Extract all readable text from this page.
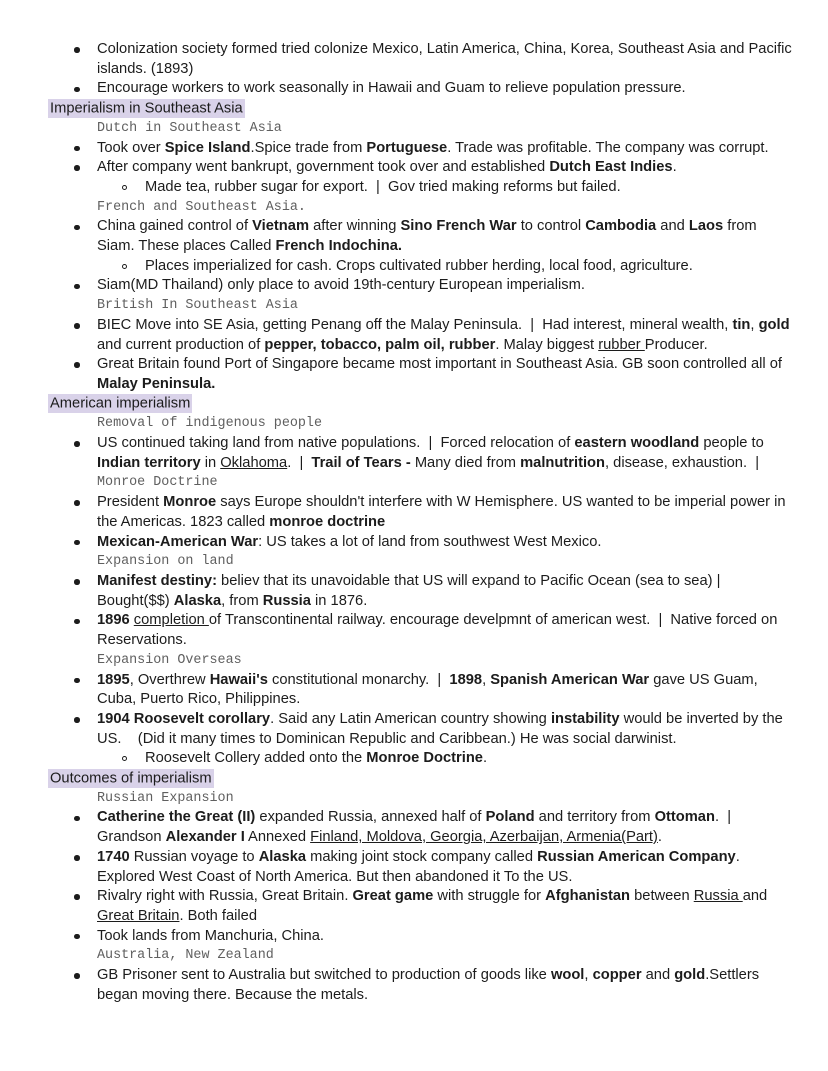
Colonization society formed tried colonize Mexico, Latin America, China, Korea, Southeast Asia and Pacific islands. (1893)
Encourage workers to work seasonally in Hawaii and Guam to relieve population pressure.
Imperialism in Southeast Asia
Dutch in Southeast Asia
Took over Spice Island.Spice trade from Portuguese. Trade was profitable. The company was corrupt.
After company went bankrupt, government took over and established Dutch East Indies.
Made tea, rubber sugar for export.  |  Gov tried making reforms but failed.
French and Southeast Asia.
China gained control of Vietnam after winning Sino French War to control Cambodia and Laos from Siam. These places Called French Indochina.
Places imperialized for cash. Crops cultivated rubber herding, local food, agriculture.
Siam(MD Thailand) only place to avoid 19th-century European imperialism.
British In Southeast Asia
BIEC Move into SE Asia, getting Penang off the Malay Peninsula.  |  Had interest, mineral wealth, tin, gold and current production of pepper, tobacco, palm oil, rubber. Malay biggest rubber Producer.
Great Britain found Port of Singapore became most important in Southeast Asia. GB soon controlled all of Malay Peninsula.
American imperialism
Removal of indigenous people
US continued taking land from native populations.  |  Forced relocation of eastern woodland people to Indian territory in Oklahoma.  |  Trail of Tears - Many died from malnutrition, disease, exhaustion.  |
Monroe Doctrine
President Monroe says Europe shouldn't interfere with W Hemisphere. US wanted to be imperial power in the Americas. 1823 called monroe doctrine
Mexican-American War: US takes a lot of land from southwest West Mexico.
Expansion on land
Manifest destiny: believ that its unavoidable that US will expand to Pacific Ocean (sea to sea) | Bought($$) Alaska, from Russia in 1876.
1896 completion of Transcontinental railway. encourage develpmnt of american west.  |  Native forced on Reservations.
Expansion Overseas
1895, Overthrew Hawaii's constitutional monarchy.  |  1898, Spanish American War gave US Guam, Cuba, Puerto Rico, Philippines.
1904 Roosevelt corollary. Said any Latin American country showing instability would be inverted by the US.    (Did it many times to Dominican Republic and Caribbean.) He was social darwinist.
Roosevelt Collery added onto the Monroe Doctrine.
Outcomes of imperialism
Russian Expansion
Catherine the Great (II) expanded Russia, annexed half of Poland and territory from Ottoman.  |  Grandson Alexander I Annexed Finland, Moldova, Georgia, Azerbaijan, Armenia(Part).
1740 Russian voyage to Alaska making joint stock company called Russian American Company. Explored West Coast of North America. But then abandoned it To the US.
Rivalry right with Russia, Great Britain. Great game with struggle for Afghanistan between Russia and Great Britain. Both failed
Took lands from Manchuria, China.
Australia, New Zealand
GB Prisoner sent to Australia but switched to production of goods like wool, copper and gold.Settlers began moving there. Because the metals.
